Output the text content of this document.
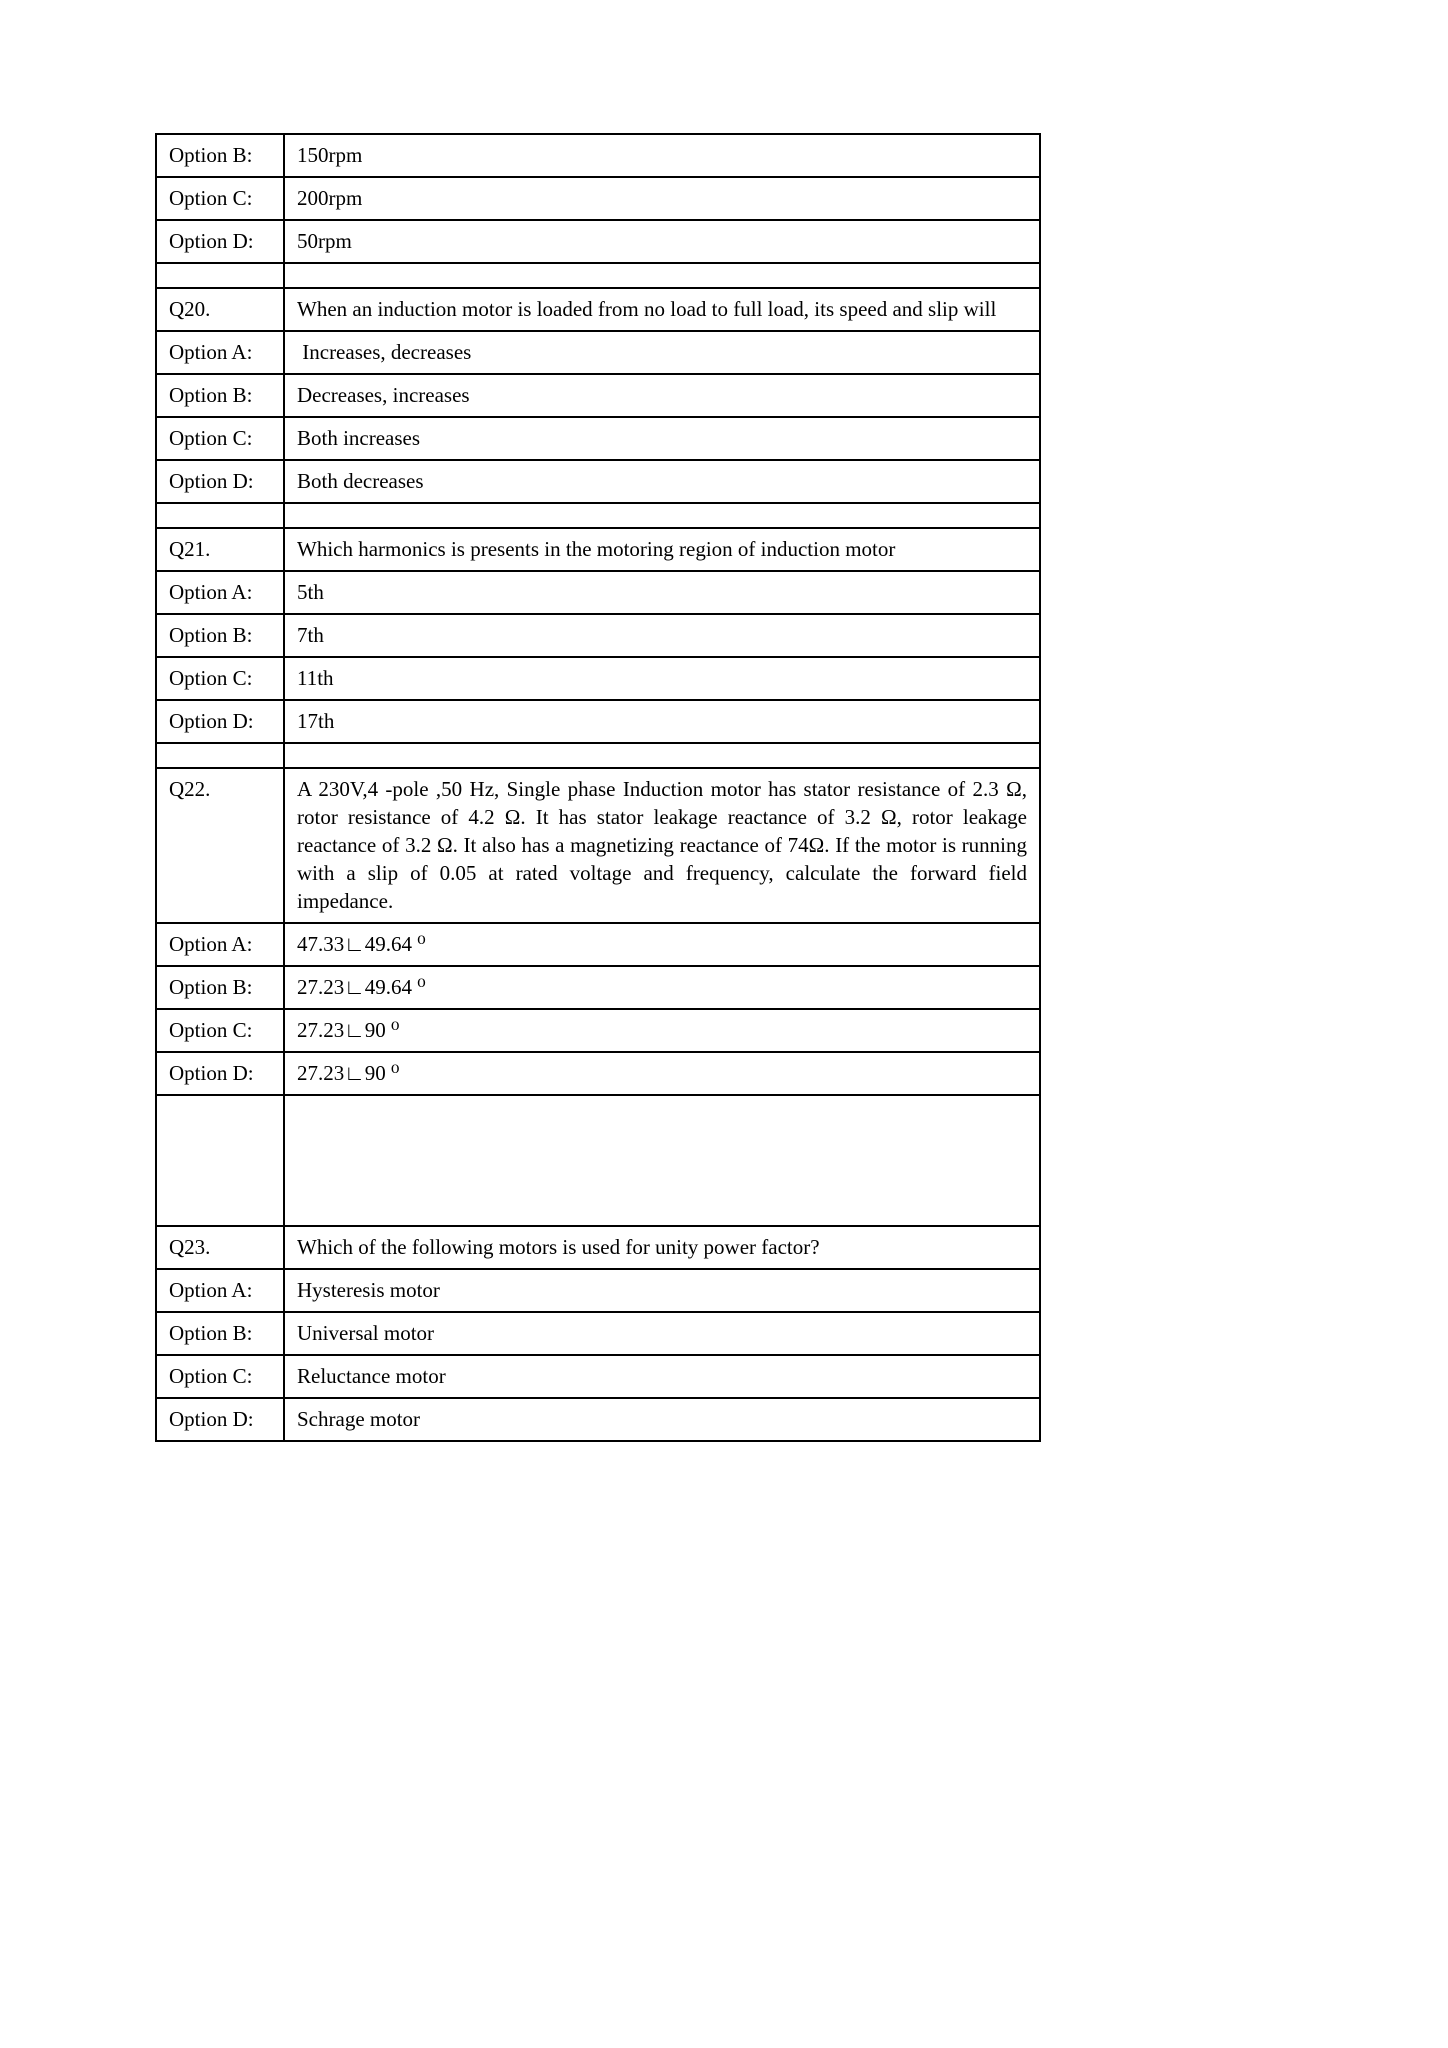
Option B:	150rpm
Option C:	200rpm
Option D:	50rpm

Q20.	When an induction motor is loaded from no load to full load, its speed and slip will
Option A:	Increases, decreases
Option B:	Decreases, increases
Option C:	Both increases
Option D:	Both decreases

Q21.	Which harmonics is presents in the motoring region of induction motor
Option A:	5th
Option B:	7th
Option C:	11th
Option D:	17th

Q22.	A 230V,4 -pole ,50 Hz, Single phase Induction motor has stator resistance of 2.3 Ω, rotor resistance of 4.2 Ω. It has stator leakage reactance of 3.2 Ω, rotor leakage reactance of 3.2 Ω. It also has a magnetizing reactance of 74Ω. If the motor is running with a slip of 0.05 at rated voltage and frequency, calculate the forward field impedance.
Option A:	47.33∟49.64 ⁰
Option B:	27.23∟49.64 ⁰
Option C:	27.23∟90 ⁰
Option D:	27.23∟90 ⁰

Q23.	Which of the following motors is used for unity power factor?
Option A:	Hysteresis motor
Option B:	Universal motor
Option C:	Reluctance motor
Option D:	Schrage motor
